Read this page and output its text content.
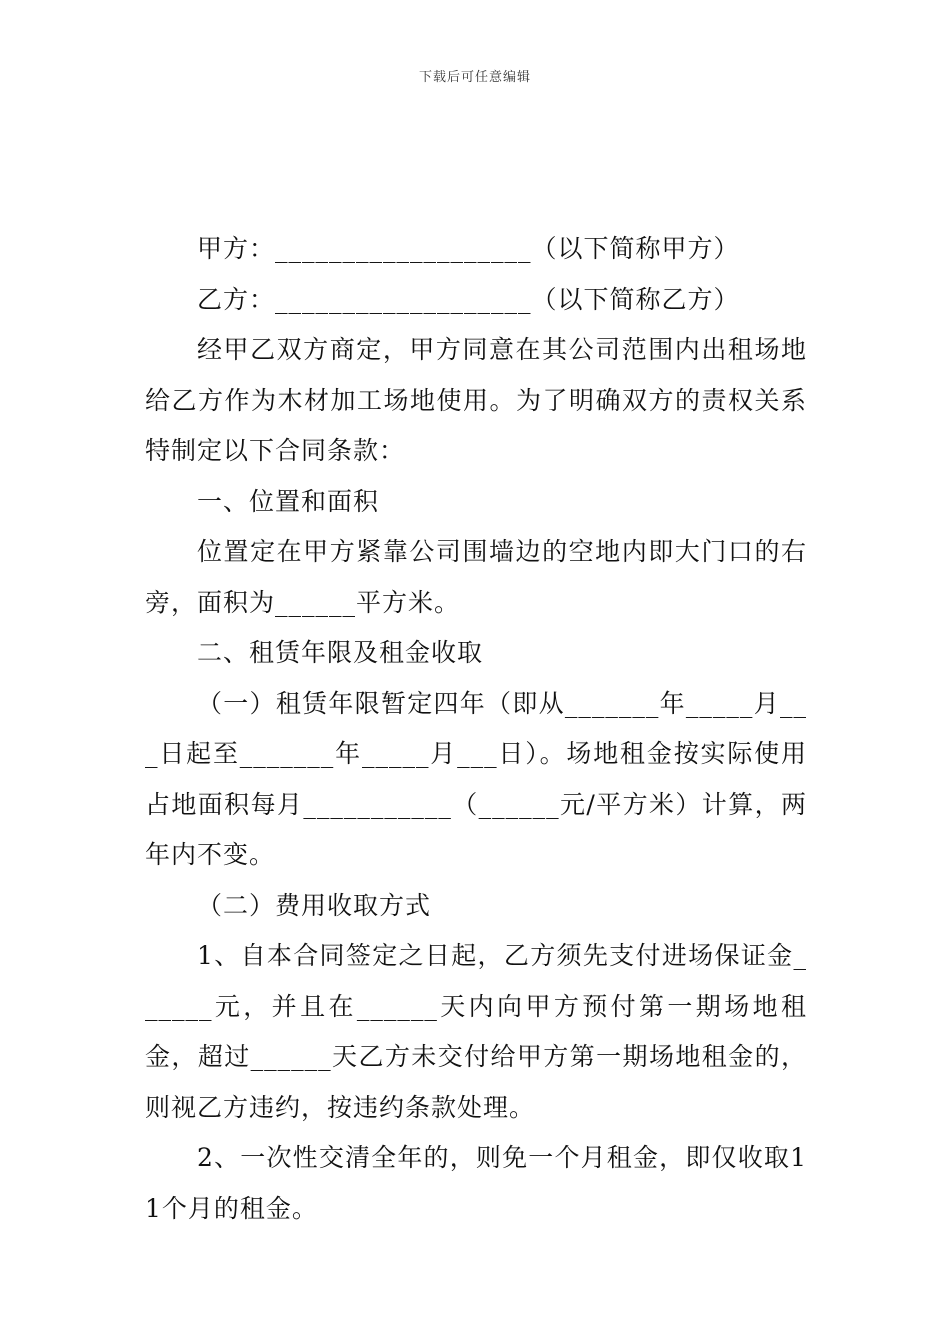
下载后可任意编辑

甲方：___________________（以下简称甲方）

乙方：___________________（以下简称乙方）

经甲乙双方商定，甲方同意在其公司范围内出租场地给乙方作为木材加工场地使用。为了明确双方的责权关系特制定以下合同条款：

一、位置和面积

位置定在甲方紧靠公司围墙边的空地内即大门口的右旁，面积为______平方米。

二、租赁年限及租金收取

（一）租赁年限暂定四年（即从_______年_____月___日起至_______年_____月___日）。场地租金按实际使用占地面积每月___________（______元/平方米）计算，两年内不变。

（二）费用收取方式

1、自本合同签定之日起，乙方须先支付进场保证金______元，并且在______天内向甲方预付第一期场地租金，超过______天乙方未交付给甲方第一期场地租金的，则视乙方违约，按违约条款处理。

2、一次性交清全年的，则免一个月租金，即仅收取11个月的租金。
